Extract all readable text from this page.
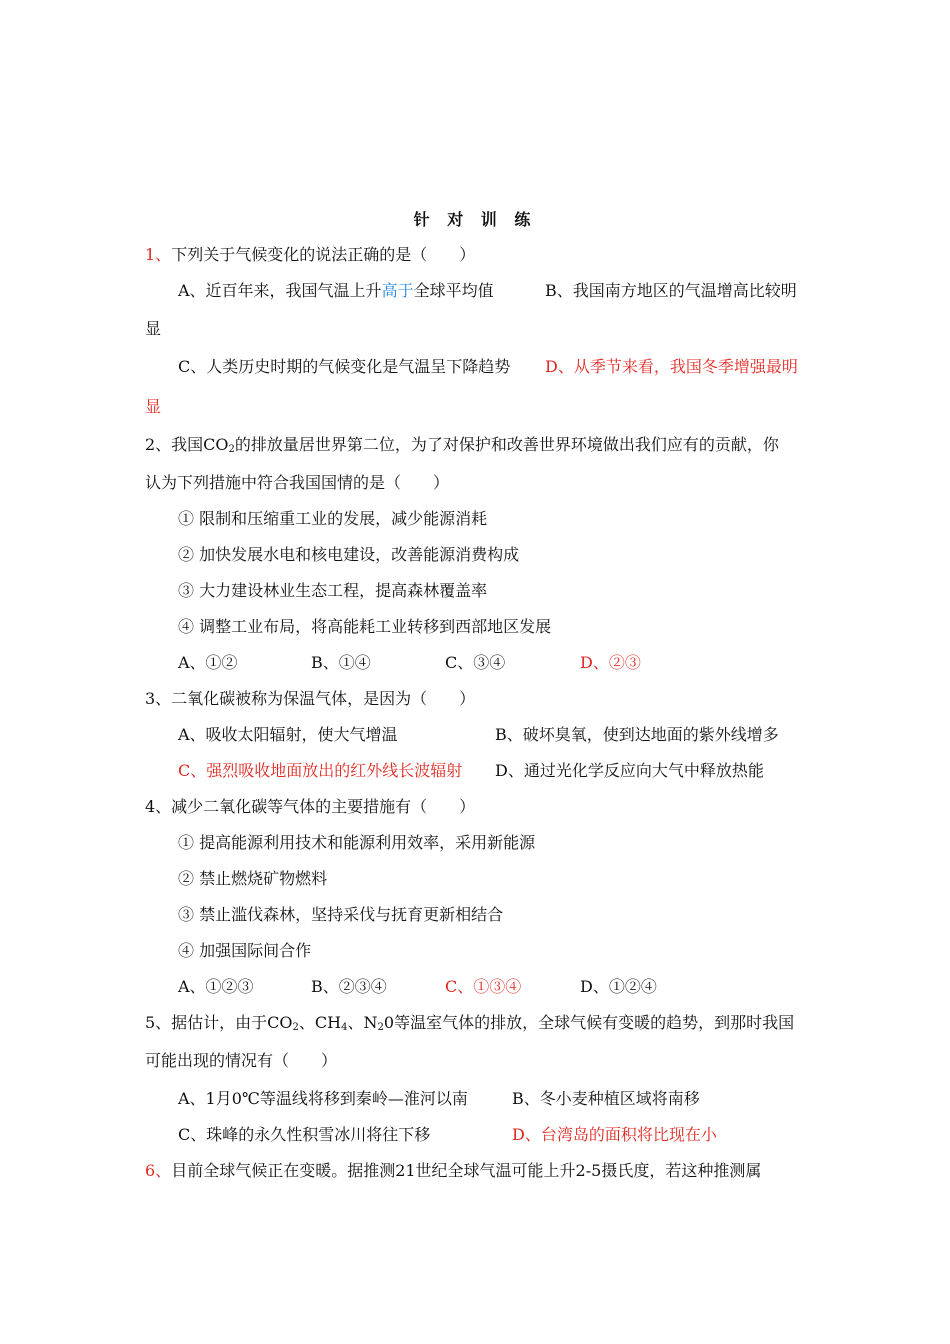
针 对 训 练
1、下列关于气候变化的说法正确的是（　　）
A、近百年来，我国气温上升高于全球平均值	B、我国南方地区的气温增高比较明
显
C、人类历史时期的气候变化是气温呈下降趋势 D、从季节来看，我国冬季增强最明
显
2、我国$CO_2$的排放量居世界第二位，为了对保护和改善世界环境做出我们应有的贡献，你
认为下列措施中符合我国国情的是（　　）
① 限制和压缩重工业的发展，减少能源消耗
② 加快发展水电和核电建设，改善能源消费构成
③ 大力建设林业生态工程，提高森林覆盖率
④ 调整工业布局，将高能耗工业转移到西部地区发展
A、①②	B、①④	C、③④	D、②③
3、二氧化碳被称为保温气体，是因为（　　）
A、吸收太阳辐射，使大气增温	B、破坏臭氧，使到达地面的紫外线增多
C、强烈吸收地面放出的红外线长波辐射 D、通过光化学反应向大气中释放热能
4、减少二氧化碳等气体的主要措施有（　　）
① 提高能源利用技术和能源利用效率，采用新能源
② 禁止燃烧矿物燃料
③ 禁止滥伐森林，坚持采伐与抚育更新相结合
④ 加强国际间合作
A、①②③	B、②③④	C、①③④	D、①②④
5、据估计，由于$CO_2$、$CH_4$、$N_20$等温室气体的排放，全球气候有变暖的趋势，到那时我国
可能出现的情况有（　　）
A、1月0℃等温线将移到秦岭—淮河以南	B、冬小麦种植区域将南移
C、珠峰的永久性积雪冰川将往下移	D、台湾岛的面积将比现在小
6、目前全球气候正在变暖。据推测21世纪全球气温可能上升2-5摄氏度，若这种推测属
